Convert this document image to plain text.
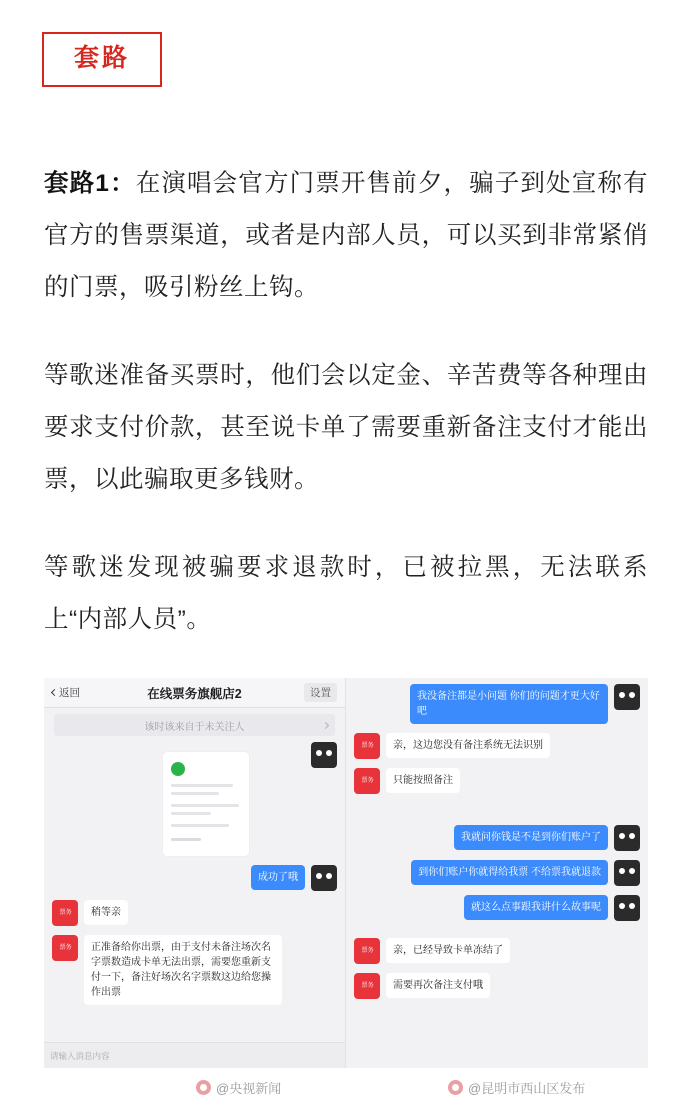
套路

套路1：在演唱会官方门票开售前夕，骗子到处宣称有官方的售票渠道，或者是内部人员，可以买到非常紧俏的门票，吸引粉丝上钩。

等歌迷准备买票时，他们会以定金、辛苦费等各种理由要求支付价款，甚至说卡单了需要重新备注支付才能出票，以此骗取更多钱财。

等歌迷发现被骗要求退款时，已被拉黑，无法联系上“内部人员”。

返回	在线票务旗舰店2	设置
该时该来自于未关注人
成功了哦
票务	稍等亲
票务	正准备给你出票，由于支付未备注场次名字票数造成卡单无法出票，需要您重新支付一下，备注好场次名字票数这边给您操作出票
请输入消息内容
我没备注都是小问题 你们的问题才更大好吧
票务	亲，这边您没有备注系统无法识别
票务	只能按照备注
我就问你钱是不是到你们账户了
到你们账户你就得给我票 不给票我就退款
就这么点事跟我讲什么故事呢
票务	亲，已经导致卡单冻结了
票务	需要再次备注支付哦
@央视新闻	@昆明市西山区发布
